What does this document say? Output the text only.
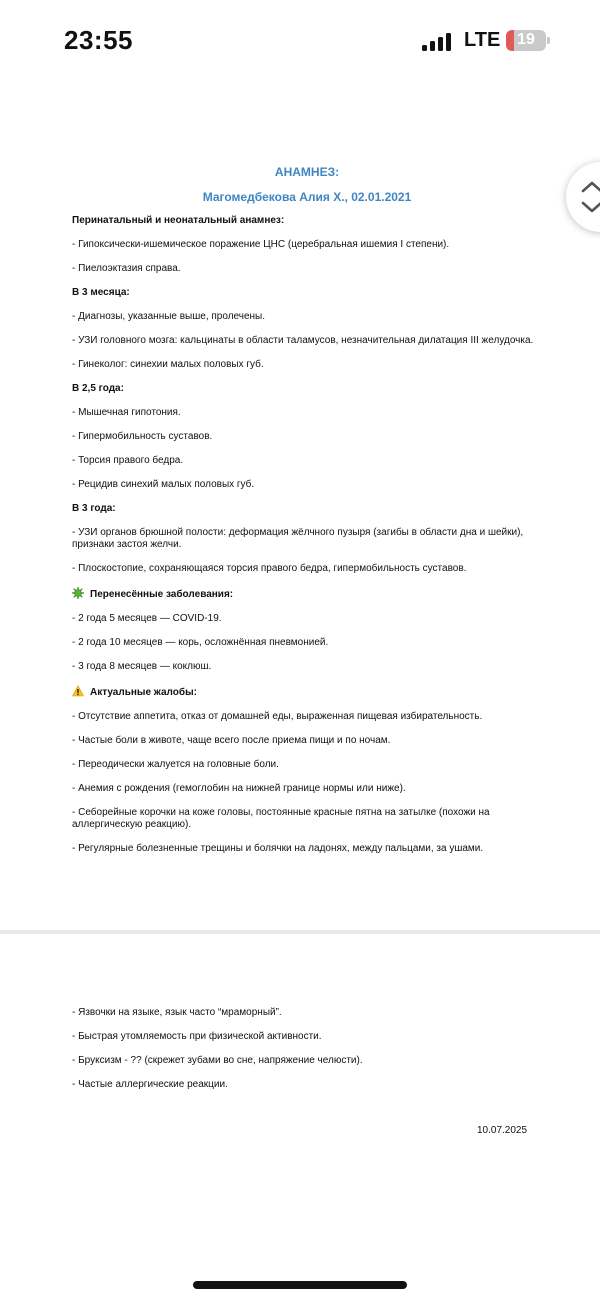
23:55	LTE	19
АНАМНЕЗ:
Магомедбекова Алия Х., 02.01.2021
Перинатальный и неонатальный анамнез:
- Гипоксически-ишемическое поражение ЦНС (церебральная ишемия I степени).
- Пиелоэктазия справа.
В 3 месяца:
- Диагнозы, указанные выше, пролечены.
- УЗИ головного мозга: кальцинаты в области таламусов, незначительная дилатация III желудочка.
- Гинеколог: синехии малых половых губ.
В 2,5 года:
- Мышечная гипотония.
- Гипермобильность суставов.
- Торсия правого бедра.
- Рецидив синехий малых половых губ.
В 3 года:
- УЗИ органов брюшной полости: деформация жёлчного пузыря (загибы в области дна и шейки), признаки застоя желчи.
- Плоскостопие, сохраняющаяся торсия правого бедра, гипермобильность суставов.
Перенесённые заболевания:
- 2 года 5 месяцев — COVID-19.
- 2 года 10 месяцев — корь, осложнённая пневмонией.
- 3 года 8 месяцев — коклюш.
Актуальные жалобы:
- Отсутствие аппетита, отказ от домашней еды, выраженная пищевая избирательность.
- Частые боли в животе, чаще всего после приема пищи и по ночам.
- Переодически жалуется на головные боли.
- Анемия с рождения (гемоглобин на нижней границе нормы или ниже).
- Себорейные корочки на коже головы, постоянные красные пятна на затылке (похожи на аллергическую реакцию).
- Регулярные болезненные трещины и болячки на ладонях, между пальцами, за ушами.
- Язвочки на языке, язык часто “мраморный”.
- Быстрая утомляемость при физической активности.
- Бруксизм - ?? (скрежет зубами во сне, напряжение челюсти).
- Частые аллергические реакции.
10.07.2025
